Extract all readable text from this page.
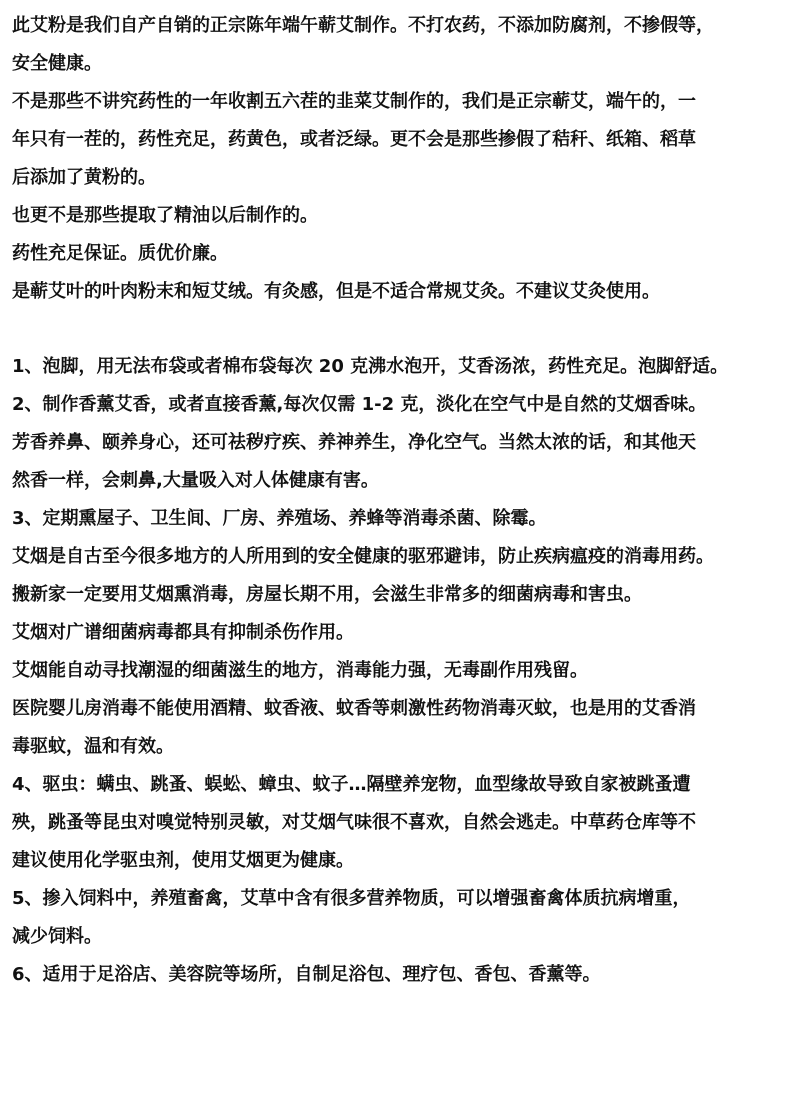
此艾粉是我们自产自销的正宗陈年端午蕲艾制作。不打农药，不添加防腐剂，不掺假等，

安全健康。

不是那些不讲究药性的一年收割五六茬的韭菜艾制作的，我们是正宗蕲艾，端午的，一

年只有一茬的，药性充足，药黄色，或者泛绿。更不会是那些掺假了秸秆、纸箱、稻草

后添加了黄粉的。

也更不是那些提取了精油以后制作的。

药性充足保证。质优价廉。

是蕲艾叶的叶肉粉末和短艾绒。有灸感，但是不适合常规艾灸。不建议艾灸使用。

1、泡脚，用无法布袋或者棉布袋每次 20 克沸水泡开，艾香汤浓，药性充足。泡脚舒适。

2、制作香薰艾香，或者直接香薰,每次仅需 1-2 克，淡化在空气中是自然的艾烟香味。

芳香养鼻、颐养身心，还可祛秽疗疾、养神养生，净化空气。当然太浓的话，和其他天

然香一样，会刺鼻,大量吸入对人体健康有害。

3、定期熏屋子、卫生间、厂房、养殖场、养蜂等消毒杀菌、除霉。

艾烟是自古至今很多地方的人所用到的安全健康的驱邪避讳，防止疾病瘟疫的消毒用药。

搬新家一定要用艾烟熏消毒，房屋长期不用，会滋生非常多的细菌病毒和害虫。

艾烟对广谱细菌病毒都具有抑制杀伤作用。

艾烟能自动寻找潮湿的细菌滋生的地方，消毒能力强，无毒副作用残留。

医院婴儿房消毒不能使用酒精、蚊香液、蚊香等刺激性药物消毒灭蚊，也是用的艾香消

毒驱蚊，温和有效。

4、驱虫：螨虫、跳蚤、蜈蚣、蟑虫、蚊子…隔壁养宠物，血型缘故导致自家被跳蚤遭

殃，跳蚤等昆虫对嗅觉特别灵敏，对艾烟气味很不喜欢，自然会逃走。中草药仓库等不

建议使用化学驱虫剂，使用艾烟更为健康。

5、掺入饲料中，养殖畜禽，艾草中含有很多营养物质，可以增强畜禽体质抗病增重，

减少饲料。

6、适用于足浴店、美容院等场所，自制足浴包、理疗包、香包、香薰等。
